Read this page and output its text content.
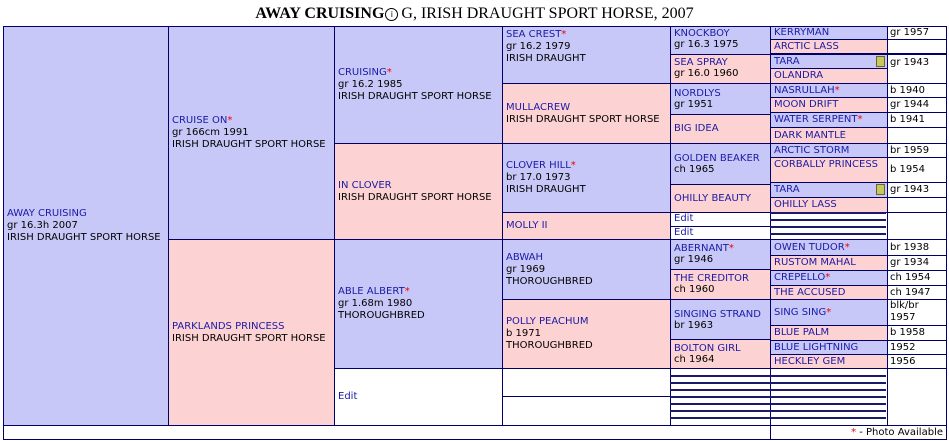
AWAY CRUISING i G, IRISH DRAUGHT SPORT HORSE, 2007
AWAY CRUISING
gr 16.3h 2007
IRISH DRAUGHT SPORT HORSE
CRUISE ON*
gr 166cm 1991
IRISH DRAUGHT SPORT HORSE
PARKLANDS PRINCESS
IRISH DRAUGHT SPORT HORSE
CRUISING*
gr 16.2 1985
IRISH DRAUGHT SPORT HORSE
IN CLOVER
IRISH DRAUGHT SPORT HORSE
ABLE ALBERT*
gr 1.68m 1980
THOROUGHBRED
Edit
SEA CREST*
gr 16.2 1979
IRISH DRAUGHT
MULLACREW
IRISH DRAUGHT SPORT HORSE
CLOVER HILL*
br 17.0 1973
IRISH DRAUGHT
MOLLY II
ABWAH
gr 1969
THOROUGHBRED
POLLY PEACHUM
b 1971
THOROUGHBRED
KNOCKBOY
gr 16.3 1975
SEA SPRAY
gr 16.0 1960
NORDLYS
gr 1951
BIG IDEA
GOLDEN BEAKER
ch 1965
OHILLY BEAUTY
Edit
Edit
ABERNANT*
gr 1946
THE CREDITOR
ch 1960
SINGING STRAND
br 1963
BOLTON GIRL
ch 1964
KERRYMAN
ARCTIC LASS
TARA
OLANDRA
NASRULLAH*
MOON DRIFT
WATER SERPENT*
DARK MANTLE
ARCTIC STORM
CORBALLY PRINCESS
TARA
OHILLY LASS
OWEN TUDOR*
RUSTOM MAHAL
CREPELLO*
THE ACCUSED
SING SING*
BLUE PALM
BLUE LIGHTNING
HECKLEY GEM
gr 1957
gr 1943
b 1940
gr 1944
b 1941
br 1959
b 1954
gr 1943
br 1938
gr 1934
ch 1954
ch 1947
blk/br 1957
b 1958
1952
1956
* - Photo Available
